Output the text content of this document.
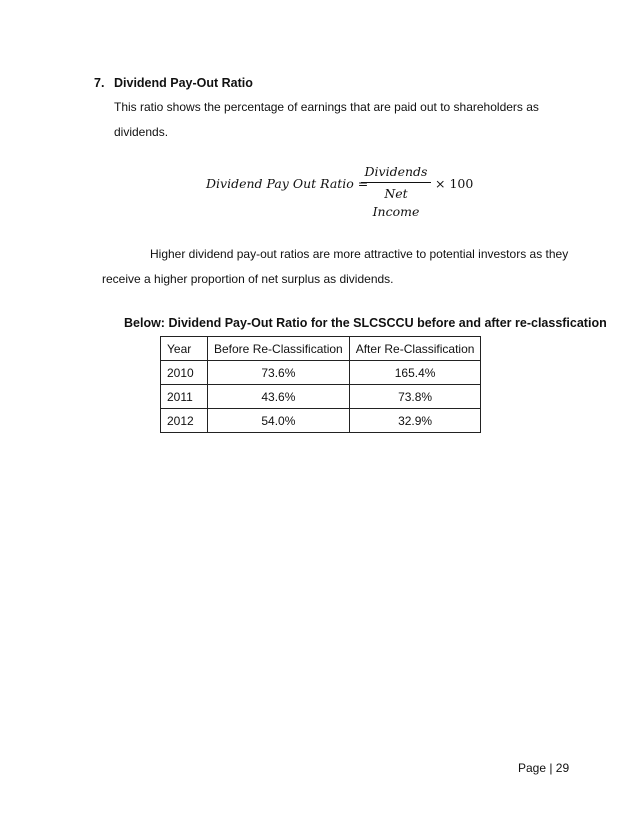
7. Dividend Pay-Out Ratio
This ratio shows the percentage of earnings that are paid out to shareholders as
dividends.
Dividend Pay Out Ratio =
Dividends
Net Income
× 100
Higher dividend pay-out ratios are more attractive to potential investors as they
receive a higher proportion of net surplus as dividends.
Below: Dividend Pay-Out Ratio for the SLCSCCU before and after re-classfication
Year	Before Re-Classification	After Re-Classification
2010	73.6%	165.4%
2011	43.6%	73.8%
2012	54.0%	32.9%
Page | 29
